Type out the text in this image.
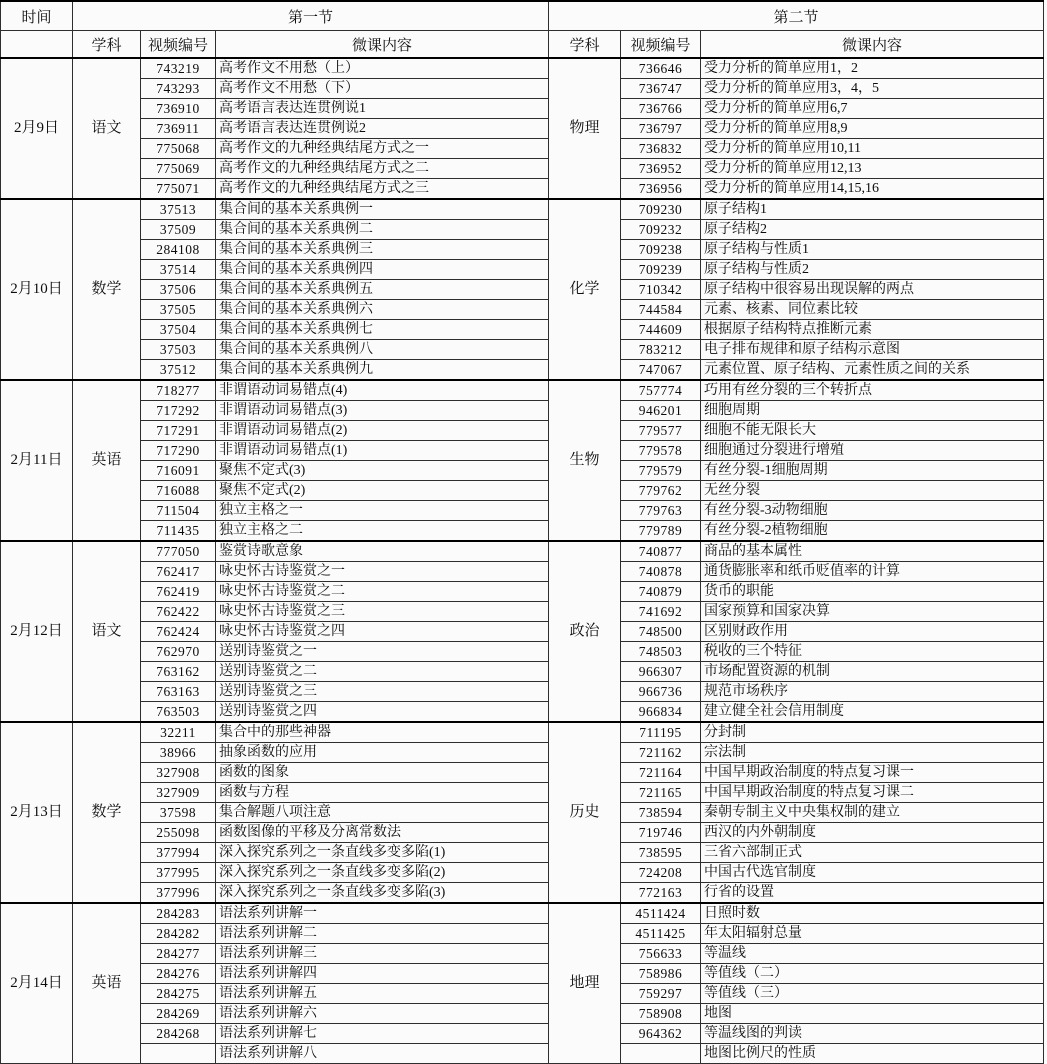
时间	第一节			第二节		
	学科	视频编号	微课内容	学科	视频编号	微课内容
2月9日	语文	743219	高考作文不用愁（上）	物理	736646	受力分析的简单应用1，2
		743293	高考作文不用愁（下）		736747	受力分析的简单应用3，4，5
		736910	高考语言表达连贯例说1		736766	受力分析的简单应用6,7
		736911	高考语言表达连贯例说2		736797	受力分析的简单应用8,9
		775068	高考作文的九种经典结尾方式之一		736832	受力分析的简单应用10,11
		775069	高考作文的九种经典结尾方式之二		736952	受力分析的简单应用12,13
		775071	高考作文的九种经典结尾方式之三		736956	受力分析的简单应用14,15,16
2月10日	数学	37513	集合间的基本关系典例一	化学	709230	原子结构1
		37509	集合间的基本关系典例二		709232	原子结构2
		284108	集合间的基本关系典例三		709238	原子结构与性质1
		37514	集合间的基本关系典例四		709239	原子结构与性质2
		37506	集合间的基本关系典例五		710342	原子结构中很容易出现误解的两点
		37505	集合间的基本关系典例六		744584	元素、核素、同位素比较
		37504	集合间的基本关系典例七		744609	根据原子结构特点推断元素
		37503	集合间的基本关系典例八		783212	电子排布规律和原子结构示意图
		37512	集合间的基本关系典例九		747067	元素位置、原子结构、元素性质之间的关系
2月11日	英语	718277	非谓语动词易错点(4)	生物	757774	巧用有丝分裂的三个转折点
		717292	非谓语动词易错点(3)		946201	细胞周期
		717291	非谓语动词易错点(2)		779577	细胞不能无限长大
		717290	非谓语动词易错点(1)		779578	细胞通过分裂进行增殖
		716091	聚焦不定式(3)		779579	有丝分裂-1细胞周期
		716088	聚焦不定式(2)		779762	无丝分裂
		711504	独立主格之一		779763	有丝分裂-3动物细胞
		711435	独立主格之二		779789	有丝分裂-2植物细胞
2月12日	语文	777050	鉴赏诗歌意象	政治	740877	商品的基本属性
		762417	咏史怀古诗鉴赏之一		740878	通货膨胀率和纸币贬值率的计算
		762419	咏史怀古诗鉴赏之二		740879	货币的职能
		762422	咏史怀古诗鉴赏之三		741692	国家预算和国家决算
		762424	咏史怀古诗鉴赏之四		748500	区别财政作用
		762970	送别诗鉴赏之一		748503	税收的三个特征
		763162	送别诗鉴赏之二		966307	市场配置资源的机制
		763163	送别诗鉴赏之三		966736	规范市场秩序
		763503	送别诗鉴赏之四		966834	建立健全社会信用制度
2月13日	数学	32211	集合中的那些神器	历史	711195	分封制
		38966	抽象函数的应用		721162	宗法制
		327908	函数的图象		721164	中国早期政治制度的特点复习课一
		327909	函数与方程		721165	中国早期政治制度的特点复习课二
		37598	集合解题八项注意		738594	秦朝专制主义中央集权制的建立
		255098	函数图像的平移及分离常数法		719746	西汉的内外朝制度
		377994	深入探究系列之一条直线多变多陷(1)		738595	三省六部制正式
		377995	深入探究系列之一条直线多变多陷(2)		724208	中国古代选官制度
		377996	深入探究系列之一条直线多变多陷(3)		772163	行省的设置
2月14日	英语	284283	语法系列讲解一	地理	4511424	日照时数
		284282	语法系列讲解二		4511425	年太阳辐射总量
		284277	语法系列讲解三		756633	等温线
		284276	语法系列讲解四		758986	等值线（二）
		284275	语法系列讲解五		759297	等值线（三）
		284269	语法系列讲解六		758908	地图
		284268	语法系列讲解七		964362	等温线图的判读
			语法系列讲解八			地图比例尺的性质
